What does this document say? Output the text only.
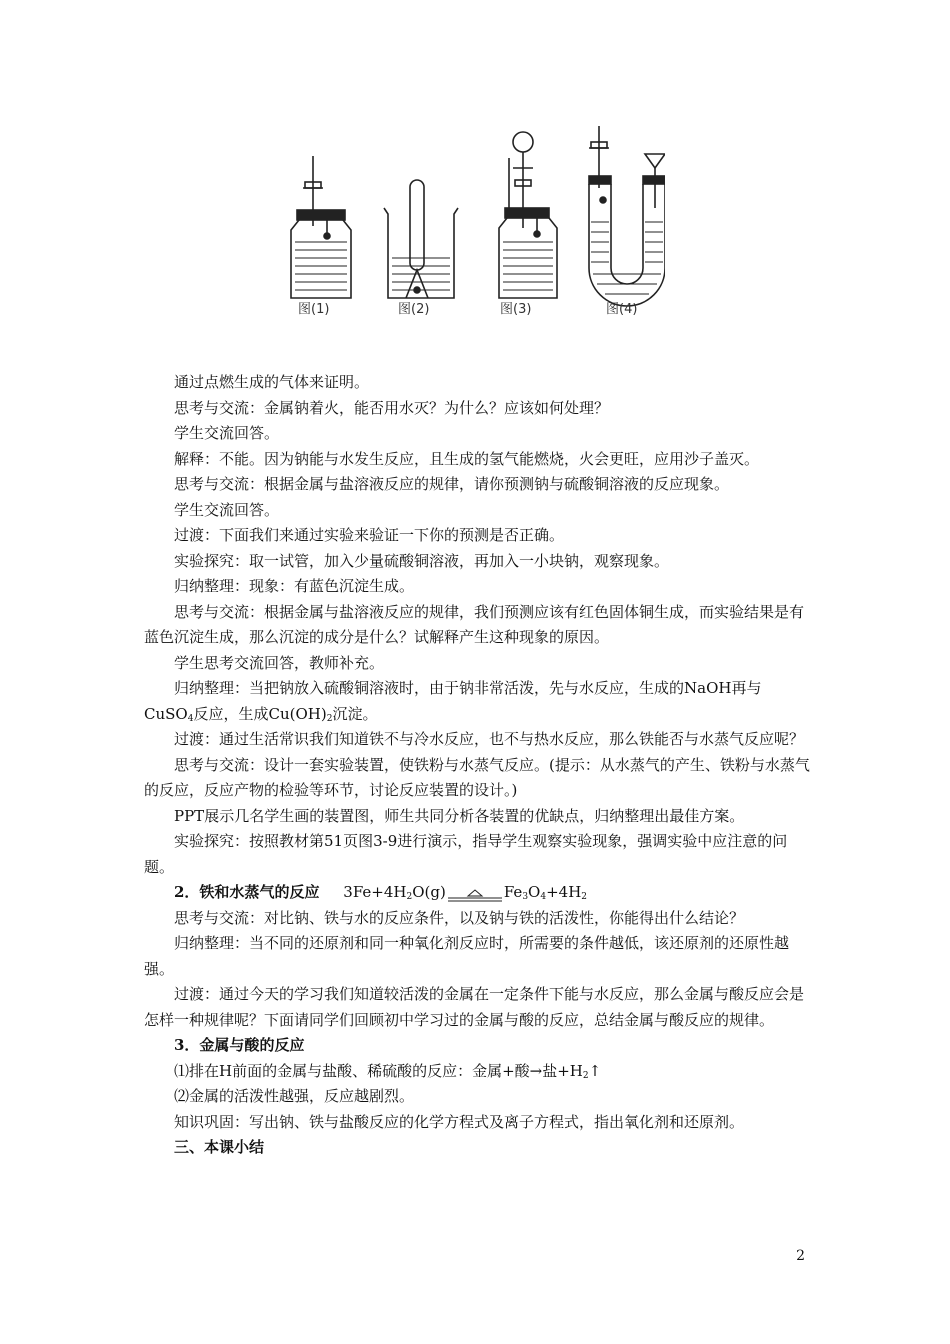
图(1)	图(2)	图(3)	图(4)

通过点燃生成的气体来证明。

思考与交流：金属钠着火，能否用水灭？为什么？应该如何处理？

学生交流回答。

解释：不能。因为钠能与水发生反应，且生成的氢气能燃烧，火会更旺，应用沙子盖灭。

思考与交流：根据金属与盐溶液反应的规律，请你预测钠与硫酸铜溶液的反应现象。

学生交流回答。

过渡：下面我们来通过实验来验证一下你的预测是否正确。

实验探究：取一试管，加入少量硫酸铜溶液，再加入一小块钠，观察现象。

归纳整理：现象：有蓝色沉淀生成。

思考与交流：根据金属与盐溶液反应的规律，我们预测应该有红色固体铜生成，而实验结果是有蓝色沉淀生成，那么沉淀的成分是什么？试解释产生这种现象的原因。

学生思考交流回答，教师补充。

归纳整理：当把钠放入硫酸铜溶液时，由于钠非常活泼，先与水反应，生成的NaOH再与

CuSO$_4$反应，生成$Cu(OH)_2$沉淀。

过渡：通过生活常识我们知道铁不与冷水反应，也不与热水反应，那么铁能否与水蒸气反应呢？

思考与交流：设计一套实验装置，使铁粉与水蒸气反应。(提示：从水蒸气的产生、铁粉与水蒸气的反应，反应产物的检验等环节，讨论反应装置的设计。)

PPT展示几名学生画的装置图，师生共同分析各装置的优缺点，归纳整理出最佳方案。

实验探究：按照教材第51页图3-9进行演示，指导学生观察实验现象，强调实验中应注意的问题。

2．铁和水蒸气的反应 $3Fe+4H_2O(g)$	$Fe_3O_4+4H_2$

思考与交流：对比钠、铁与水的反应条件，以及钠与铁的活泼性，你能得出什么结论？

归纳整理：当不同的还原剂和同一种氧化剂反应时，所需要的条件越低，该还原剂的还原性越强。

过渡：通过今天的学习我们知道较活泼的金属在一定条件下能与水反应，那么金属与酸反应会是怎样一种规律呢？下面请同学们回顾初中学习过的金属与酸的反应，总结金属与酸反应的规律。

3．金属与酸的反应

⑴排在H前面的金属与盐酸、稀硫酸的反应：金属+酸→盐$+H_2↑$

⑵金属的活泼性越强，反应越剧烈。

知识巩固：写出钠、铁与盐酸反应的化学方程式及离子方程式，指出氧化剂和还原剂。

三、本课小结

2
